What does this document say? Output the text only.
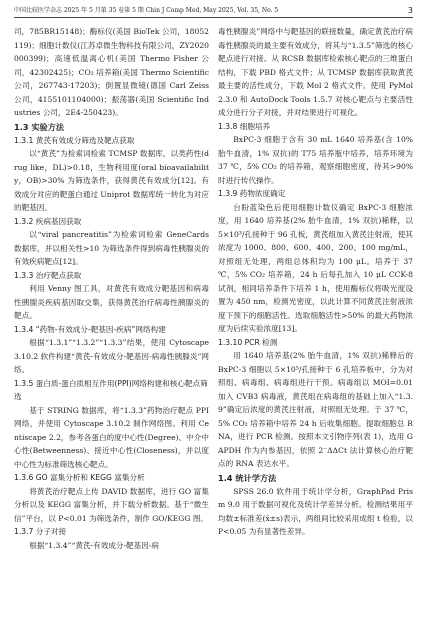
中国比较医学杂志 2025 年 5 月第 35 卷第 5 期 Chin J Comp Med, May 2025, Vol. 35, No. 5	3

司，785BR15148)；酶标仪(美国 BioTek 公司，18052119)；细胞计数仪(江苏卓微生物科技有限公司，ZY2020000399)；高速低温离心机(美国 Thermo Fisher 公司，42302425)；CO₂ 培养箱(美国 Thermo Scientific 公司，267743-17203)；倒置显微镜(德国 Carl Zeiss 公司，4155101104000)；振荡器(美国 Scientific Industries 公司，2E4-250423)。

1.3 实验方法
1.3.1 黄芪有效成分筛选及靶点获取

以“黄芪”为检索词检索 TCMSP 数据库，以类药性(drug like，DL)>0.18，生物利用度(oral bioavailability，OB)>30% 为筛选条件，获得黄芪有效成分[12]。有效成分对应的靶蛋白通过 Uniprot 数据库统一转化为对应的靶基因。

1.3.2 疾病基因获取

以“viral pancreatitis”为检索词检索 GeneCards 数据库，并以相关性>10 为筛选条件得到病毒性胰腺炎的有效疾病靶点[12]。

1.3.3 治疗靶点获取

利用 Venny 图工具，对黄芪有效成分靶基因和病毒性胰腺炎疾病基因取交集，获得黄芪治疗病毒性胰腺炎的靶点。

1.3.4 “药物-有效成分-靶基因-疾病”网络构建

根据“1.3.1”“1.3.2”“1.3.3”结果，使用 Cytoscape 3.10.2 软件构建“黄芪-有效成分-靶基因-病毒性胰腺炎”网络。

1.3.5 蛋白质-蛋白质相互作用(PPI)网络构建和核心靶点筛选

基于 STRING 数据库，将“1.3.3”药物治疗靶点 PPI 网络，并使用 Cytoscape 3.10.2 制作网络图。利用 Centiscape 2.2，参考各蛋白的度中心性(Degree)、中介中心性(Betweenness)、接近中心性(Closeness)，并以度中心性为标准筛选核心靶点。

1.3.6 GO 富集分析和 KEGG 富集分析

将黄芪治疗靶点上传 DAVID 数据库，进行 GO 富集分析以及 KEGG 富集分析，并下载分析数据。基于“微生信”平台，以 P<0.01 为筛选条件，制作 GO/KEGG 图。

1.3.7 分子对接

根据“1.3.4”“黄芪-有效成分-靶基因-病

毒性胰腺炎”网络中与靶基因的联接数量，确定黄芪治疗病毒性胰腺炎的最主要有效成分，将其与“1.3.5”筛选的核心靶点进行对接。从 RCSB 数据库检索核心靶点的三维蛋白结构，下载 PBD 格式文件；从 TCMSP 数据库获取黄芪最主要的活性成分，下载 Mol 2 格式文件。使用 PyMol 2.3.0 和 AutoDock Tools 1.5.7 对核心靶点与主要活性成分进行分子对接，并对结果进行可视化。

1.3.8 细胞培养

BxPC-3 细胞于含有 30 mL 1640 培养基(含 10% 胎牛血清，1% 双抗)的 T75 培养瓶中培养，培养环境为 37 ℃，5% CO₂ 的培养箱，观察细胞密度，待其>90% 时进行传代操作。

1.3.9 药物浓度确定

台盼蓝染色后使用细胞计数仪确定 BxPC-3 细胞浓度，用 1640 培养基(2% 胎牛血清，1% 双抗)稀释，以 5×10³/孔接种于 96 孔板，黄芪组加入黄芪注射液，使其浓度为 1000、800、600、400、200、100 mg/mL，对照组无处理，两组总体积均为 100 μL。培养于 37 ℃，5% CO₂ 培养箱，24 h 后每孔加入 10 μL CCK-8 试剂，相同培养条件下培养 1 h，使用酶标仪将吸光度设置为 450 nm，检测光密度，以此计算不同黄芪注射液浓度下预下的细胞活性。选取细胞活性>50% 的最大药物浓度为后续实验浓度[13]。

1.3.10 PCR 检测

用 1640 培养基(2% 胎牛血清，1% 双抗)稀释后的 BxPC-3 细胞以 5×10⁵/孔接种于 6 孔培养板中，分为对照组、病毒组、病毒组进行干预。病毒组以 MOI=0.01 加入 CVB3 病毒液，黄芪组在病毒组的基础上加入“1.3.9”确定后浓度的黄芪注射液，对照组无处理。于 37 ℃，5% CO₂ 培养箱中培养 24 h 后收集细胞。提取细胞总 RNA，进行 PCR 检测。按照本文引物序列(表 1)，选用 GAPDH 作为内参基因，依照 2⁻ΔΔCt 法计算核心治疗靶点的 RNA 表达水平。

1.4 统计学方法

SPSS 26.0 软件用于统计学分析，GraphPad Prism 9.0 用于数据可视化及统计学差异分析。检测结果用平均数±标准差(x̄±s)表示，两组间比较采用成组 t 检验，以 P<0.05 为有显著性差异。
